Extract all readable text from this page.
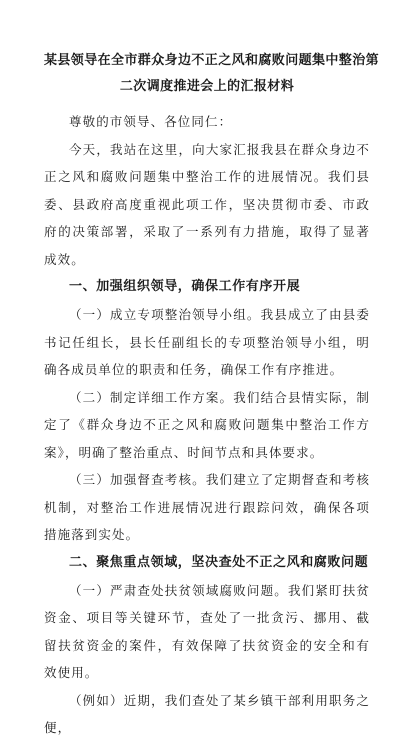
某县领导在全市群众身边不正之风和腐败问题集中整治第
二次调度推进会上的汇报材料

尊敬的市领导、各位同仁：

今天，我站在这里，向大家汇报我县在群众身边不正之风和腐败问题集中整治工作的进展情况。我们县委、县政府高度重视此项工作，坚决贯彻市委、市政府的决策部署，采取了一系列有力措施，取得了显著成效。

一、加强组织领导，确保工作有序开展

（一）成立专项整治领导小组。我县成立了由县委书记任组长，县长任副组长的专项整治领导小组，明确各成员单位的职责和任务，确保工作有序推进。

（二）制定详细工作方案。我们结合县情实际，制定了《群众身边不正之风和腐败问题集中整治工作方案》，明确了整治重点、时间节点和具体要求。

（三）加强督查考核。我们建立了定期督查和考核机制，对整治工作进展情况进行跟踪问效，确保各项措施落到实处。

二、聚焦重点领域，坚决查处不正之风和腐败问题

（一）严肃查处扶贫领域腐败问题。我们紧盯扶贫资金、项目等关键环节，查处了一批贪污、挪用、截留扶贫资金的案件，有效保障了扶贫资金的安全和有效使用。

（例如）近期，我们查处了某乡镇干部利用职务之便，
